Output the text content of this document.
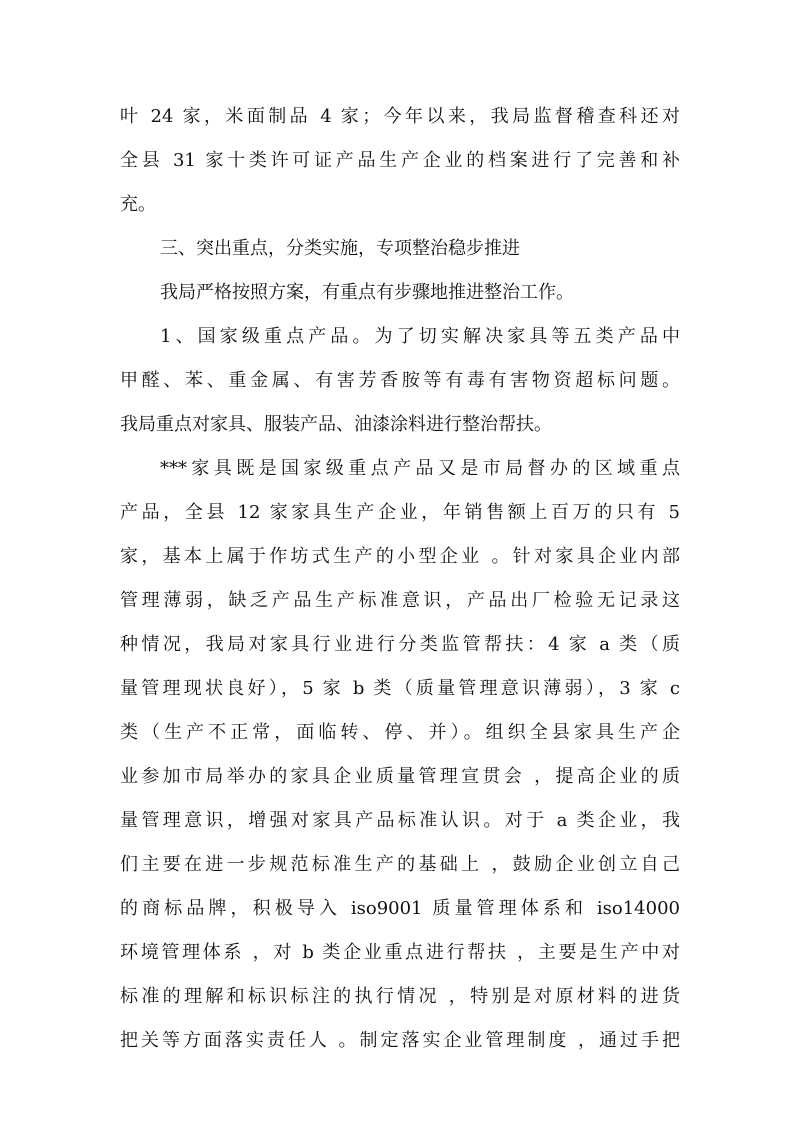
叶 24 家，米面制品 4 家；今年以来，我局监督稽查科还对
全县 31 家十类许可证产品生产企业的档案进行了完善和补
充。
三、突出重点，分类实施，专项整治稳步推进
我局严格按照方案，有重点有步骤地推进整治工作。
1、国家级重点产品。为了切实解决家具等五类产品中
甲醛、苯、重金属、有害芳香胺等有毒有害物资超标问题。
我局重点对家具、服装产品、油漆涂料进行整治帮扶。
***家具既是国家级重点产品又是市局督办的区域重点
产品，全县 12 家家具生产企业，年销售额上百万的只有 5
家，基本上属于作坊式生产的小型企业 。针对家具企业内部
管理薄弱，缺乏产品生产标准意识，产品出厂检验无记录这
种情况，我局对家具行业进行分类监管帮扶：4 家 a 类（质
量管理现状良好），5 家 b 类（质量管理意识薄弱），3 家 c
类（生产不正常，面临转、停、并）。组织全县家具生产企
业参加市局举办的家具企业质量管理宣贯会 ，提高企业的质
量管理意识，增强对家具产品标准认识。对于 a 类企业，我
们主要在进一步规范标准生产的基础上 ，鼓励企业创立自己
的商标品牌，积极导入 iso9001 质量管理体系和 iso14000
环境管理体系 ，对 b 类企业重点进行帮扶 ，主要是生产中对
标准的理解和标识标注的执行情况 ，特别是对原材料的进货
把关等方面落实责任人 。制定落实企业管理制度 ，通过手把
